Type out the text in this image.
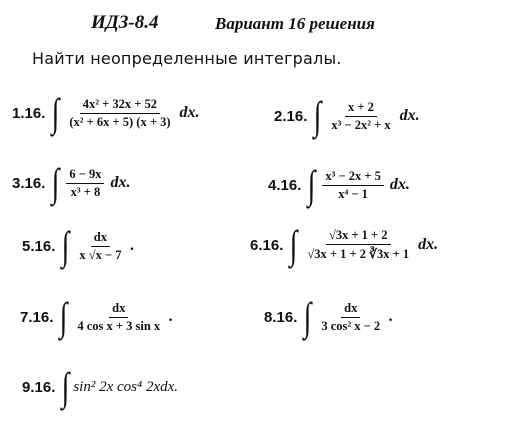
ИДЗ-8.4	Вариант 16 решения
Найти неопределенные интегралы.
1.16. ∫ $\frac{\text{4x² + 32x + 52}}{\text{(x² + 6x + 5) (x + 3)}}$ dx.	2.16. ∫ $\frac{x + 2}{\text{x³ − 2x² + x}}$ dx.
3.16. ∫ $\frac{6 - 9x}{\text{x³ + 8}}$ dx.	4.16. ∫ $\frac{\text{x³ − 2x + 5}}{\text{x⁴ − 1}}$ dx.
5.16. ∫ $\frac{dx}{x √x - 7}$ .	6.16. ∫ $\frac{√3x + 1 + 2}{√3x + 1 + 2 ∛3x + 1}$ dx.
7.16. ∫ $\frac{dx}{\text{4 cos x + 3 sin x}}$ .	8.16. ∫ $\frac{dx}{\text{3 cos² x − 2}}$ .
9.16. ∫ sin² 2x cos⁴ 2xdx.
